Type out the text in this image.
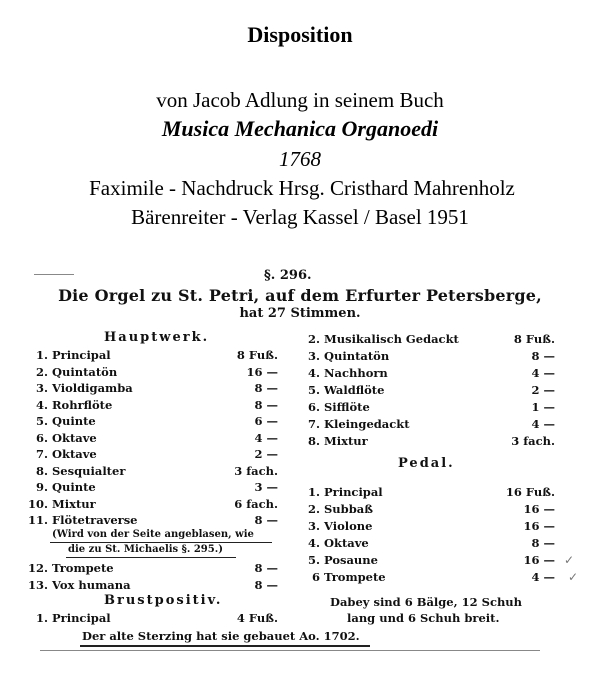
Disposition
von Jacob Adlung in seinem Buch
Musica Mechanica Organoedi
1768
Faximile - Nachdruck Hrsg. Cristhard Mahrenholz
Bärenreiter - Verlag Kassel / Basel 1951
§. 296.
Die Orgel zu St. Petri, auf dem Erfurter Petersberge,
hat 27 Stimmen.
Hauptwerk.
1. Principal	8 Fuß.
2. Quintatön	16 —
3. Violdigamba	8 —
4. Rohrflöte	8 —
5. Quinte	6 —
6. Oktave	4 —
7. Oktave	2 —
8. Sesquialter	3 fach.
9. Quinte	3 —
10. Mixtur	6 fach.
11. Flötetraverse	8 —
(Wird von der Seite angeblasen, wie
die zu St. Michaelis §. 295.)
12. Trompete	8 —
13. Vox humana	8 —
Brustpositiv.
1. Principal	4 Fuß.
2. Musikalisch Gedackt	8 Fuß.
3. Quintatön	8 —
4. Nachhorn	4 —
5. Waldflöte	2 —
6. Sifflöte	1 —
7. Kleingedackt	4 —
8. Mixtur	3 fach.
Pedal.
1. Principal	16 Fuß.
2. Subbaß	16 —
3. Violone	16 —
4. Oktave	8 —
5. Posaune	16 —
6 Trompete	4 —
Dabey sind 6 Bälge, 12 Schuh
lang und 6 Schuh breit.
Der alte Sterzing hat sie gebauet Ao. 1702.
✓
✓
